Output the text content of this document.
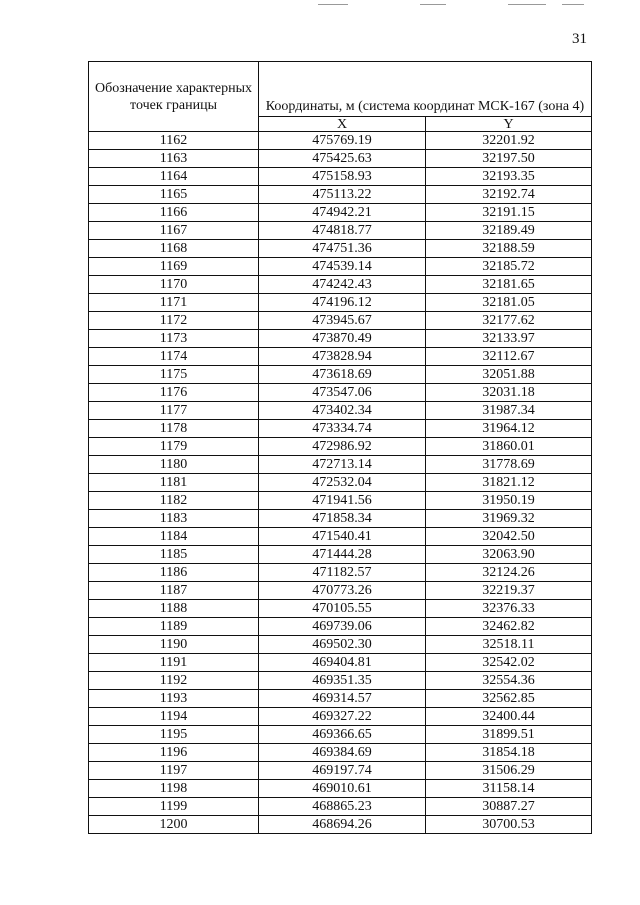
31
Обозначение характерных точек границы	Координаты, м (система координат МСК-167 (зона 4)	
	X	Y
1162	475769.19	32201.92
1163	475425.63	32197.50
1164	475158.93	32193.35
1165	475113.22	32192.74
1166	474942.21	32191.15
1167	474818.77	32189.49
1168	474751.36	32188.59
1169	474539.14	32185.72
1170	474242.43	32181.65
1171	474196.12	32181.05
1172	473945.67	32177.62
1173	473870.49	32133.97
1174	473828.94	32112.67
1175	473618.69	32051.88
1176	473547.06	32031.18
1177	473402.34	31987.34
1178	473334.74	31964.12
1179	472986.92	31860.01
1180	472713.14	31778.69
1181	472532.04	31821.12
1182	471941.56	31950.19
1183	471858.34	31969.32
1184	471540.41	32042.50
1185	471444.28	32063.90
1186	471182.57	32124.26
1187	470773.26	32219.37
1188	470105.55	32376.33
1189	469739.06	32462.82
1190	469502.30	32518.11
1191	469404.81	32542.02
1192	469351.35	32554.36
1193	469314.57	32562.85
1194	469327.22	32400.44
1195	469366.65	31899.51
1196	469384.69	31854.18
1197	469197.74	31506.29
1198	469010.61	31158.14
1199	468865.23	30887.27
1200	468694.26	30700.53
